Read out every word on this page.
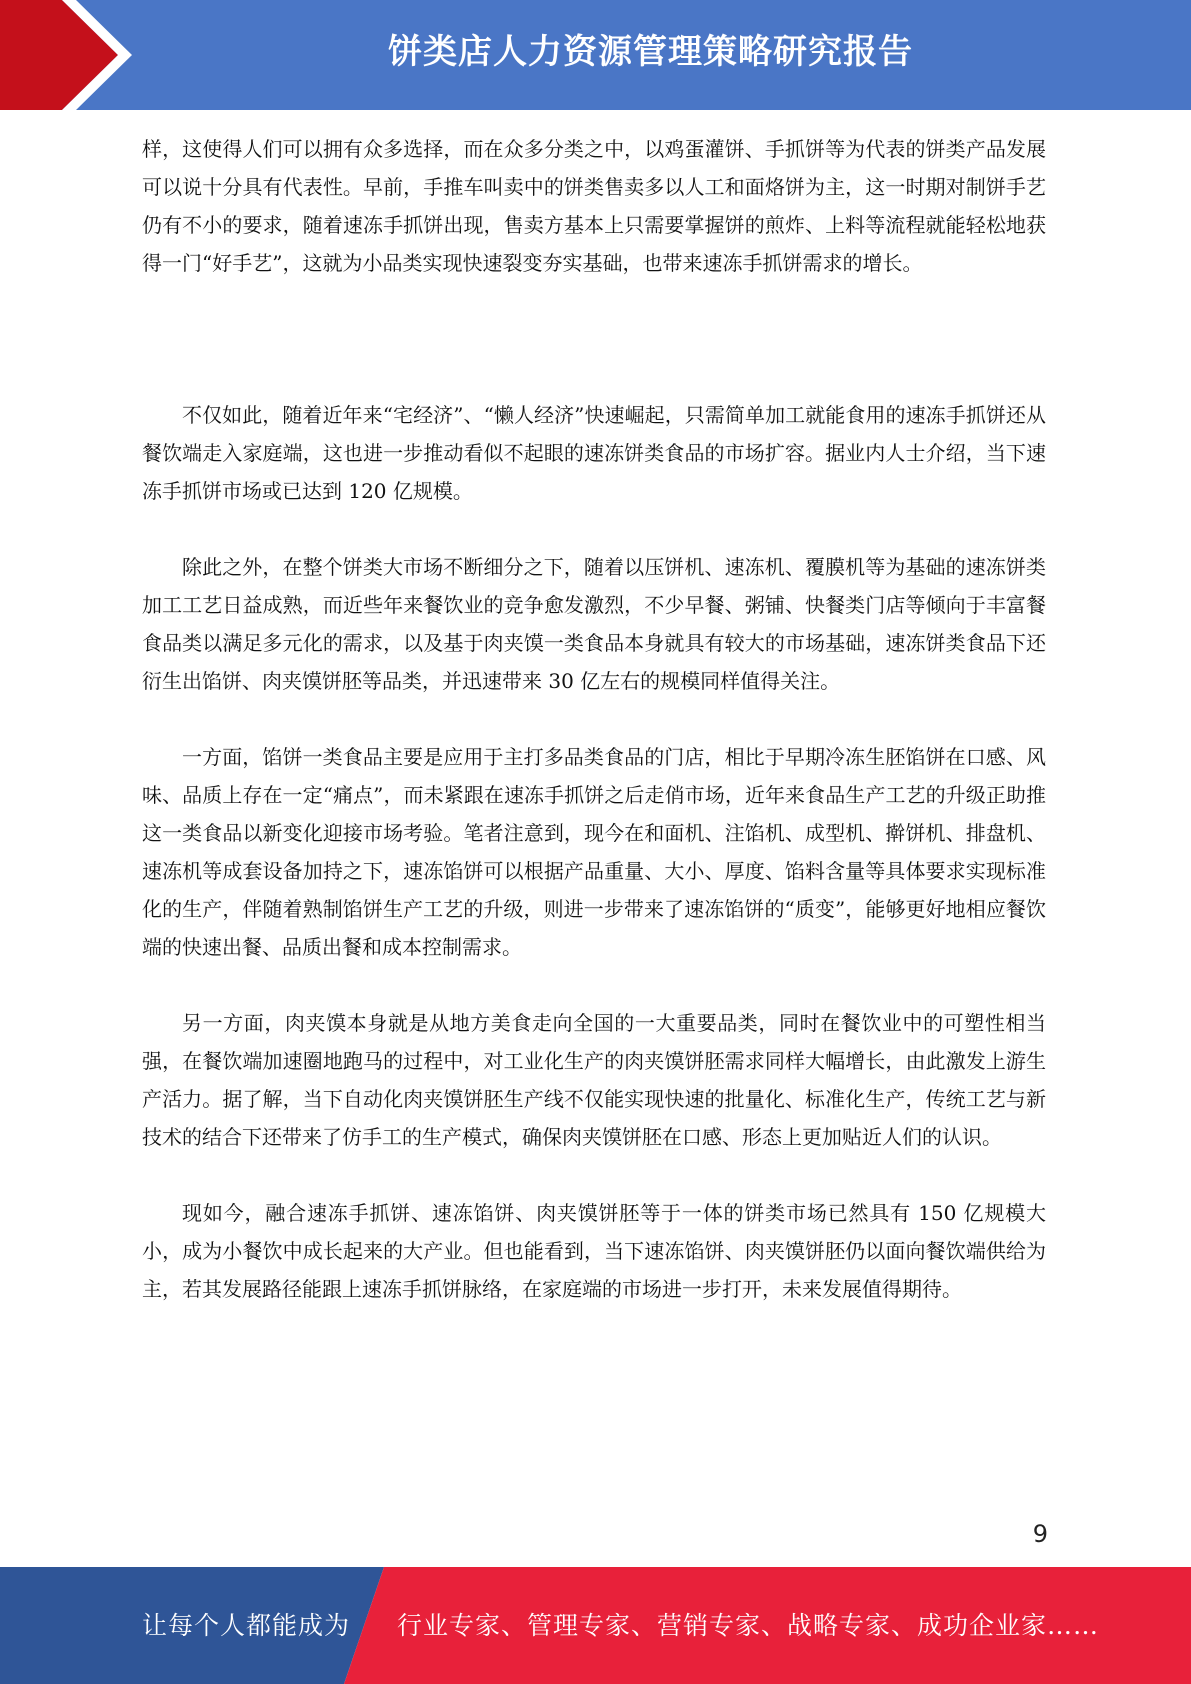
饼类店人力资源管理策略研究报告

样，这使得人们可以拥有众多选择，而在众多分类之中，以鸡蛋灌饼、手抓饼等为代表的饼类产品发展可以说十分具有代表性。早前，手推车叫卖中的饼类售卖多以人工和面烙饼为主，这一时期对制饼手艺仍有不小的要求，随着速冻手抓饼出现，售卖方基本上只需要掌握饼的煎炸、上料等流程就能轻松地获得一门“好手艺”，这就为小品类实现快速裂变夯实基础，也带来速冻手抓饼需求的增长。

不仅如此，随着近年来“宅经济”、“懒人经济”快速崛起，只需简单加工就能食用的速冻手抓饼还从餐饮端走入家庭端，这也进一步推动看似不起眼的速冻饼类食品的市场扩容。据业内人士介绍，当下速冻手抓饼市场或已达到 120 亿规模。

除此之外，在整个饼类大市场不断细分之下，随着以压饼机、速冻机、覆膜机等为基础的速冻饼类加工工艺日益成熟，而近些年来餐饮业的竞争愈发激烈，不少早餐、粥铺、快餐类门店等倾向于丰富餐食品类以满足多元化的需求，以及基于肉夹馍一类食品本身就具有较大的市场基础，速冻饼类食品下还衍生出馅饼、肉夹馍饼胚等品类，并迅速带来 30 亿左右的规模同样值得关注。

一方面，馅饼一类食品主要是应用于主打多品类食品的门店，相比于早期冷冻生胚馅饼在口感、风味、品质上存在一定“痛点”，而未紧跟在速冻手抓饼之后走俏市场，近年来食品生产工艺的升级正助推这一类食品以新变化迎接市场考验。笔者注意到，现今在和面机、注馅机、成型机、擀饼机、排盘机、速冻机等成套设备加持之下，速冻馅饼可以根据产品重量、大小、厚度、馅料含量等具体要求实现标准化的生产，伴随着熟制馅饼生产工艺的升级，则进一步带来了速冻馅饼的“质变”，能够更好地相应餐饮端的快速出餐、品质出餐和成本控制需求。

另一方面，肉夹馍本身就是从地方美食走向全国的一大重要品类，同时在餐饮业中的可塑性相当强，在餐饮端加速圈地跑马的过程中，对工业化生产的肉夹馍饼胚需求同样大幅增长，由此激发上游生产活力。据了解，当下自动化肉夹馍饼胚生产线不仅能实现快速的批量化、标准化生产，传统工艺与新技术的结合下还带来了仿手工的生产模式，确保肉夹馍饼胚在口感、形态上更加贴近人们的认识。

现如今，融合速冻手抓饼、速冻馅饼、肉夹馍饼胚等于一体的饼类市场已然具有 150 亿规模大小，成为小餐饮中成长起来的大产业。但也能看到，当下速冻馅饼、肉夹馍饼胚仍以面向餐饮端供给为主，若其发展路径能跟上速冻手抓饼脉络，在家庭端的市场进一步打开，未来发展值得期待。

9
让每个人都能成为 行业专家、管理专家、营销专家、战略专家、成功企业家……
